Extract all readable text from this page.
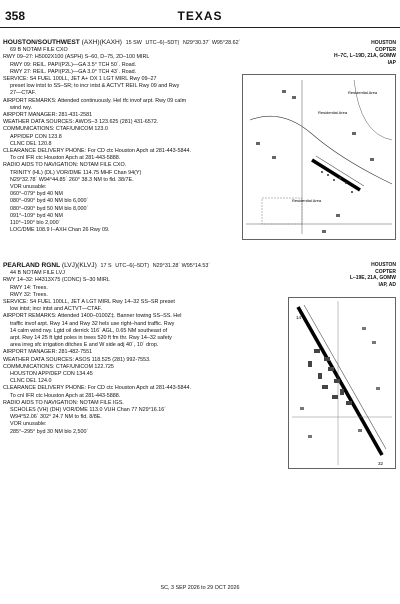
358	TEXAS
HOUSTON/SOUTHWEST (AXH)(KAXH) 15 SW UTC–6(–5DT) N29°30.37´ W95°28.62´
69 B NOTAM FILE CXO
RWY 09–27: H5002X100 (ASPH) S–60, D–75, 2D–100 MIRL
RWY 09: REIL. PAPI(P2L)—GA 3.5° TCH 50´. Road.
RWY 27: REIL. PAPI(P2L)—GA 3.0° TCH 43´. Road.
SERVICE: S4 FUEL 100LL, JET A+ OX 1 LGT MIRL Rwy 09–27
preset low intst to SS–SR; to incr intst & ACTVT REIL Rwy 09 and Rwy
27—CTAF.
AIRPORT REMARKS: Attended continuously. Hel tfc invof arpt. Rwy 09 calm
wind rwy.
AIRPORT MANAGER: 281-431-2581
WEATHER DATA SOURCES: AWOS–3 123.625 (281) 431-6572.
COMMUNICATIONS: CTAF/UNICOM 123.0
APP/DEP CON 123.8
CLNC DEL 120.8
CLEARANCE DELIVERY PHONE: For CD ctc Houston Apch at 281-443-5844.
To cnl IFR ctc Houston Apch at 281-443-5888.
RADIO AIDS TO NAVIGATION: NOTAM FILE CXO.
TRINITY (HL) (DL) VOR/DME 114.75 MHF Chan 94(Y)
N29°32.78´ W94°44.85´ 260° 38.3 NM to fld. 38/7E.
VOR unusable:
060°–079° byd 40 NM
080°–090° byd 40 NM blo 6,000´
080°–090° byd 50 NM blo 8,000´
091°–109° byd 40 NM
110°–190° blo 2,000´
LOC/DME 108.9 I–AXH Chan 26 Rwy 09.
HOUSTON
COPTER
H–7C, L–19D, 21A, GOMW
IAP
Residential Area
Residential Area
Residential Area
PEARLAND RGNL (LVJ)(KLVJ) 17 S UTC–6(–5DT) N29°31.28´ W95°14.53´
44 B NOTAM FILE LVJ
RWY 14–32: H4313X75 (CONC) S–30 MIRL
RWY 14: Trees.
RWY 32: Trees.
SERVICE: S4 FUEL 100LL, JET A LGT MIRL Rwy 14–32 SS–SR preset
low intst; incr intst and ACTVT—CTAF.
AIRPORT REMARKS: Attended 1400–0100Z‡. Banner towing SS–SS. Hel
traffic invof arpt. Rwy 14 and Rwy 32 hels use right–hand traffic. Rwy
14 calm wind rwy. Lgtd oil derrick 116´ AGL, 0.65 NM southeast of
arpt. Rwy 14 25 ft lgtd poles in trees 520 ft fm thr. Rwy 14–32 safety
area irreg sfc irrigation ditches E and W side adj 40´, 10´ drop.
AIRPORT MANAGER: 281-482-7551
WEATHER DATA SOURCES: ASOS 118.525 (281) 992-7553.
COMMUNICATIONS: CTAF/UNICOM 122.725
HOUSTON APP/DEP CON 134.45
CLNC DEL 124.0
CLEARANCE DELIVERY PHONE: For CD ctc Houston Apch at 281-443-5844.
To cnl IFR ctc Houston Apch at 281-443-5888.
RADIO AIDS TO NAVIGATION: NOTAM FILE IGS.
SCHOLES (VH) (DH) VOR/DME 113.0 VUH Chan 77 N29°16.16´
W94°52.06´ 302° 24.7 NM to fld. 8/8E.
VOR unusable:
285°–295° byd 30 NM blo 2,500´
HOUSTON
COPTER
L–19E, 21A, GOMW
IAP, AD
14
32
SC, 3 SEP 2026 to 29 OCT 2026
